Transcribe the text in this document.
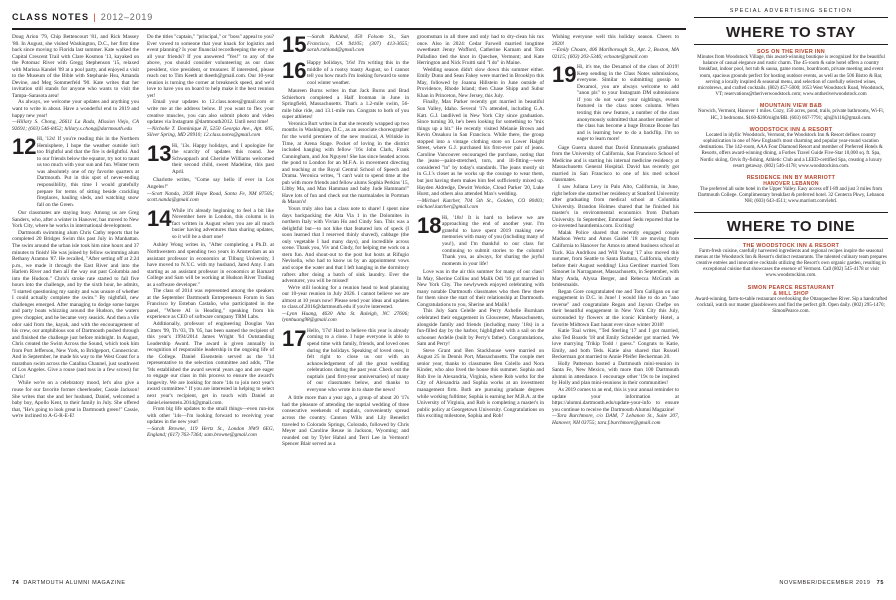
CLASS NOTES | 2012–2019

Doug Arion '79, Chip Bettencourt '81, and Rick Massey '80. In August, she visited Washington, D.C., her first time back since moving to Florida last summer. Kate walked the Capital Crescent Trail with Clare Kosmon '13, kayaked on the Potomac River with Gregg Stephenson '15, relaxed with Marissa Kandel '09 at a pool party, and enjoyed a visit to the Museum of the Bible with Stephanie Hsu, Amanda Devine, and Meg Sommerfeld '90. Kate writes that her invitation still stands for anyone who wants to visit the Tampa–Sarasota area!

As always, we welcome your updates and anything you want to write in about. Have a wonderful end to 2019 and happy new year!

—Hillary S. Chong, 26611 La Rada, Mission Viejo, CA 92691; (603) 546-8452; hillary.s.chong@dartmouth.edu

12 Hi, '12s! If you're reading this in the Northern Hemisphere, I hope the weather outside isn't too frightful and that the fire is delightful. And to our friends below the equator, try not to taunt us too much with your sun and fun. Winter term was absolutely one of my favorite quarters at Dartmouth. Put in this spot of never-ending responsibility, this time I would gratefully prepare for terms of sitting beside crackling fireplaces, hauling sleds, and watching snow fall on the Green.

Our classmates are staying busy. Among us are Greg Sanders, who, after a winter in Hanover, has moved to New York City, where he works in international development.

Dartmouth swimming alum Chris Cathy reports that he completed 20 Bridges Swim this past July in Manhattan. The swim around the urban isle took him nine hours and 37 minutes to finish! He was joined by fellow swimming alum Bethany Aramno '87. He recalled, "After setting off at 2:24 p.m., we made it through the East River and into the Harlem River and then all the way out past Columbia and into the Hudson." Chris's stroke rate started to fall five hours into the challenge, and by the sixth hour, he admits, "I started questioning my sanity and was unsure of whether I could actually complete the swim." By nightfall, new challenges emerged. After managing to dodge some barges and party boats whizzing around the Hudson, the waters grew choppier, and he became very seasick. And then a vile odor said from the, kayak, and with the encouragement of his crew, our amphibious son of Dartmouth pushed through and finished the challenge just before midnight. In August, Chris created the Swim Across the Sound, which took him from Port Jefferson, New York, to Bridgeport, Connecticut. And in September, he made his way to the West Coast for a marathon swim across the Catalina Channel, just southwest of Los Angeles. Give a rouse (and toss in a few scows) for Chris!

While we're on a celebratory mood, let's also give a rouse for our favorite former cheerleader, Cassie Jackson! She writes that she and her husband, Daniel, welcomed a baby boy, Apollo Kent, to their family in July. She offered that, "He's going to look great in Dartmouth green!" Cassie, we're inclined to A-G-R-E-E!

Do the titles "captain," "principal," or "boss" appeal to you? Ever vowed to someone that your knack for logistics and event planning? Is your financial recordkeeping the envy of all your friends? If you answered "Yes!" to any of the above, you should consider volunteering as our class president, vice president, or treasurer. If interested, please reach out to Tim Keeth at tkeeth@gmail.com. Our 10-year reunion is turning the corner at breakneck speed, and we'd love to have you on board to help make it the best reunion yet!

Email your updates to 12.class.notes@gmail.com or write me at the address below. If you want to flex your creative muscles, you can also submit photo and video updates via Instagram @dartmouth2012. Until next time!

—Nicholle T. Dominique II, 5250 Georgia Ave., Apt. 605, Silver Spring, MD 20910; 12.class.notes@gmail.com

13 Hi, '13s. Happy holidays, and I apologize for the scarcity of updates this round. Joe Schwappach and Cherishe Williams welcomed their second child, sweet Madeline, this past April.

Charlotte writes, "Come say hello if ever in Los Angeles!"

—Scott Nanda, 2038 Hope Road, Santa Fe, NM 87505; scott.nanda@gmail.com

14 While it's already beginning to feel a bit like November here in London, this column is in fact written in August when you are all much busier having adventures than sharing updates, so it will be a short one!

Ashley Wong writes in, "After completing a Ph.D. at Northwestern and spending two years in Amsterdam as an assistant professor in economics at Tilburg University, I have moved to N.Y.C. with my husband, Jared Amy. I am starting as an assistant professor in economics at Barnard College and Sam will be working at Hudson River Trading as a software developer."

The class of 2014 was represented among the speakers at the September Dartmouth Entrepreneurs Forum in San Francisco by Esteban Castaño, who participated in the panel, "Where AI is Heading," speaking from his experience as CEO of software company TRM Labs.

Additionally, professor of engineering Douglas Van Citters '99, Th '03, Th '05, has been named the recipient of this year's 1994/2014 James Wright '64 Outstanding Leadership Award. The award is given annually in recognition of responsible leadership in the ongoing life of the College. Daniel Eisenstein served as the '14 representative to the selection committee and adds, "The '94s established the award several years ago and are eager to engage our class in this process to ensure the award's longevity. We are looking for more '14s to join next year's award committee." If you are interested in helping to select next year's recipient, get in touch with Daniel at daniel.eisenstein.2014@gmail.com.

From big life updates to the small things—even run-ins with other '14s—I'm looking forward to receiving your updates in the new year!

—Sarah Browne, 119 Hertz St., London NW9 6EG, England; (617) 763-7364; sam.browne@gmail.com

15 —Sarah Ruhland, 450 Folsom St., San Francisco, CA 94105; (307) 413-3655; sarah.ruhland@gmail.com
16 Happy holidays, '16s! I'm writing this in the middle of a rootsy toasty August, so I cannot tell you how much I'm looking forward to some cool winter weather.

Maureen Burns writes in that Jack Burns and Brad Schierhorn completed a Half Ironman in June in Springfield, Massachusetts. That's a 1.2-mile swim, 56-mile bike ride, and 13.1-mile run. Congrats to both of you super athletes!

Veronica Burt writes in that she recently wrapped up two months in Washington, D.C., as an associate choreographer for the world premiere of the new musical, A Wrinkle in Time, at Arena Stage. Pocket of loving in the district included hanging with fellow '16s John Clark, Frank Cunningham, and Jon Nguyen! She has since headed across the pond to London for an M.F.A. in movement directing and teaching at the Royal Central School of Speech and Drama. Veronica writes, "I can't wait to spend time at the pub with more friends and fellow alums Sophia Perkins '15, Libby Ma, and Max Hamman and baby Jude Hammam!" Have lots of fun and check out the marmalades in Portman & Mason's!

Yours truly also has a class note to share! I spent nine days backpacking the Alta Via 1 in the Dolomites in northern Italy with Vivian Ho and Cindy Sun. This was a delightful but—to not hike that featured lots of speck (I soon learned that I reserved thinly shaved), cabbage (the only vegetable I had many days), and incredible across scene. Thank you, Viv and Cindy, for helping me work on a stern fun. And shout-out to the post hut hosts at Rifugio Nevisella, who had to know us by an appointment vows and scope the water and that I left hanging in the dormitory rafters after doing a batch of sink laundry. Ever the adventurer, you will be missed!

We're still looking for a reunion head to lead planning our 10-year reunion in July 2026. I cannot believe we are almost at 10 years now! Please send your ideas and updates to class.of.2016@dartmouth.edu if you're interested.

—Lynn Huang, 4630 Alta St. Raleigh, NC 27606; lynnhuang98@gmail.com

17 Hello, '17s! Hard to believe this year is already coming to a close. I hope everyone is able to spend time with family, friends, and loved ones during the holidays. Speaking of loved ones, it felt right to close us out with an acknowledgement of all the great wedding celebrations during the past year. Check out the nuptials (and first-year anniversaries) of many of our classmates below, and thanks to everyone who wrote in to share the news!

A little more than a year ago, a group of about 20 '17s had the pleasure of attending the nuptial wedding of three consecutive weekends of nuptials, conveniently spread across the country. Cannon Wills and Lily Benedict traveled to Colorado Springs, Colorado, followed by Chris Meyer and Caroline Reuse in Jackson, Wyoming; and rounded out by Tyler Hahnl and Terri Lee in Vermont! Spencer Blair served as a

groomsman in all three and only had to dry-clean his tux once. Also in 2024: Cedar Farwell married longtime sweetheart Jenny Wofford, Catherine Karnam and Tom Palladino tied the knot in Quechee, Vermont; and Kate Herrington and Nick Fruitti said "I do" in Maine.

Wedding season didn't slow down this summer either. Emily Dunn and Sean Fahey were married in Brooklyn this May, followed by Joanna Hillstein in June outside of Providence, Rhode Island; then Chase Shipp and Subur Khan in Princeton, New Jersey, this July.

Finally, Max Parker recently got married in beautiful Sun Valley, Idaho. Several '17s attended, including G.A. Katt. G.J. landlived in New York City since graduation. Since turning 30, he's been looking for something to "mix things up a bit." He recently visited Melanie Brown and Kevin Onsakou in San Francisco. While there, the group stopped into a vintage clothing store on Lower Haight Street, where G.J. purchased his first-ever pair of jeans. Caroline Vancouver encouraged the purchase, noting that the jeans—paint-stretched, torn, and ill-fitting—were considered "in" by today's standards. The jeans mostly sit in G.J.'s closet as he works up the courage to wear them, but just having them makes him feel sufficiently mixed up. Hayden Aldredge, Dewitt Workie, Cloud Parker '20, Luke Hurst, and others also attended Max's wedding.

—Michael Kutcher, 704 5th St., Golden, CO 80403; michael.kutcher@gmail.com

18 Hi, '18s! It is hard to believe we are approaching the end of another year. I'm grateful to have spent 2019 making new memories with many of you (including many of you!), and I'm thankful to our class for continuing to submit stories to the column! Thank you, as always, for sharing the joyful moments in your life!

Love was in the air this summer for many of our class! In May, Sherine Collins and Malik Odi '16 got married in New York City. The newlyweds enjoyed celebrating with many notable Dartmouth classmates who then flew there for them since the start of their relationship at Dartmouth. Congratulations to you, Sherine and Malik!

This July Sam Celelle and Perry Axhelle Burnham celebrated their engagement in Gloucester, Massachusetts, alongside family and friends (including many '18s) in a fun-filled day by the harbor, highlighted with a sail on the schooner Ardelle (built by Perry's father). Congratulations, Sam and Perry!

Steve Grant and Ben Stackhouse were married on August 25 in Dennis Port, Massachusetts. The couple met senior year, thanks to classmates Ben Colello and Nora Kinder, who also lived the house this summer. Sophia and Rob live in Alexandria, Virginia, where Rob works for the City of Alexandria and Sophia works at an investment management firm. Both are pursuing graduate degrees while working fulltime; Sophia is earning her M.B.A. at the University of Virginia, and Rob is completing a master's in public policy at Georgetown University. Congratulations on this exciting milestone, Sophia and Rob!

Wishing everyone well this holiday season. Cheers to 2020!

—Emily Choate, 406 Marlborough St., Apt. 2, Boston, MA 02115; (603) 203-5346; echoate@gmail.com

19 Hi, it's me, the Dexamol of the class of 2019! Keep sending in the Class Notes submissions, everyone. Similar to submitting gossip to Dexamol, you are always welcome to add "anon pls" to your Instagram DM submissions if you do not want your nightings, events featured in the class notes column. When texting this new feature, a number of the class anonymously submitted that another member of the class has become a huge Bronze Boone fan and is learning how to do a backflip. I'm so eager to learn more!

Gage Guerra shared that David Emmanuels graduated from the University of California, San Francisco School of Medicine and is starting his internal medicine residency at Massachusetts General Hospital. David has recently got married in San Francisco to one of his med school classmates.

I saw Juliana Levy in Palo Alto, California, in June, right before she started her residency at Stanford University after graduating from medical school at Columbia University. Brandon Holmes shared that he finished his master's in environmental economics from Durham University. In September, Emmanuel Sedu reported that he co-invented hauntlemia.com. Exciting!

Malak Police shared that recently engaged couple Madison Wertz and Amos Gaidel '18 are moving from California to Hanover for Amos to attend business school at Tuck. Kia Andrikou and Will Young '17 also moved this summer, from Seattle to Santa Barbara, California, shortly before their August wedding! Lisa Gerdiner married Tom Simonet in Narraganset, Massachusetts, in September, with Mary Anda, Alyssa Berger, and Rebecca McGrath as bridesmaids.

Regan Gore congratulated me and Tom Galligan on our engagement in D.C. in June! I would like to do an "ano reverse" and congratulate Regan and Jayson Chefpe on their beautiful engagement in New York City this July, surrounded by flowers at the iconic Kimberly Hotel, a favorite Midtown East haunt ever since winter 2018!

Katie Toal writes, "Ted Sterling '17 and I got married, also Ted Boards '18 and Emily Schneider got married. We love marrying 'Trikip Todd / guess." Congrats to Katie, Emily, and both Teds. Katie also shared that Russell Beckerman got married to Annie Pfeifer Beckerman 20.

Holly Patterson hosted a Dartmouth mini-reunion in Santa Fe, New Mexico, with more than 100 Dartmouth alumni in attendance. I encourage other '19s to be inspired by Holly and plan mini-reunions in their communities!

As 2019 comes to an end, this is your annual reminder to update your information at https://alumni.dartmouth.edu/update-your-info to ensure you continue to receive the Dartmouth Alumni Magazine!

—Tara Burchmore, c/o DAM, 7 Lebanon St., Suite 207, Hanover, NH 03755; tara.f.burchmore@gmail.com

SPECIAL ADVERTISING SECTION
WHERE TO STAY
SOS ON THE RIVER INN
Minutes from Woodstock Village, this award-winning boutique is recognized for the beautiful balance of casual elegance and rustic charm. The 45-room & suite hotel offers a country breakfast, indoor pool, hot tub & sauna, game rooms, boardroom, private meeting and event room, spacious grounds perfect for hosting outdoor events, as well as the 506 Bistro & Bar, serving a locally inspired & seasonal menu, and selection of carefully selected wines, microbrews, and crafted cocktails. (802) 457-5000; 1653 West Woodstock Road, Woodstock, VT; reservations@theriverwoodstock.com; www.ontheriverwoodstock.com
MOUNTAIN VIEW B&B
Norwich, Vermont, Hanover 1 miles. Cozy, 150 acres, pond, trails, private bathrooms, Wi-Fi, HC, 3 bedrooms. $160-$200/night/BB. (603) 667-7791; ajh@h116@gmail.com.
WOODSTOCK INN & RESORT
Located in idyllic Woodstock, Vermont, the Woodstock Inn & Resort defines country sophistication in one of New England's most charming and popular year-round vacation destinations. The 142-room, AAA Four Diamond Resort and member of Preferred Hotels & Resorts, offers award-winning dining, a Forbes Travel Guide Five-Star 10,000 sq. ft. Spa, Nordic skiing, Orvis fly-fishing, Athletic Club and a LEED-certified Spa, creating a luxury resort getaway. (802) 546-4178; www.woodstockinn.com.
RESIDENCE INN BY MARRIOTT
HANOVER LEBANON
The preferred all suite hotel in the Upper Valley. Easy access off I-89 and just 3 miles from Dartmouth College. Complimentary breakfast & preferred hotel. 32 Centerra Pkwy, Lebanon NH; (603) 643-4511; www.marriott.com/lebrl.
WHERE TO DINE
THE WOODSTOCK INN & RESORT
Farm-fresh cuisine, carefully harvested ingredients and regional recipes inspire the seasonal menus at the Woodstock Inn & Resort's distinct restaurants. The talented culinary team prepares creative entrées and innovative cocktails utilizing the Resort's own organic garden, resulting in exceptional cuisine that showcases the essence of Vermont. Call (802) 545-4178 or visit www.woodstockinn.com.
SIMON PEARCE RESTAURANT
& MILL SHOP
Award-winning, farm-to-table restaurant overlooking the Ottauquechee River. Sip a handcrafted cocktail, watch our master glassblowers and find the perfect gift. Open daily. (802) 295-1470; SimonPearce.com.
74 DARTMOUTH ALUMNI MAGAZINE	NOVEMBER/DECEMBER 2019 75
